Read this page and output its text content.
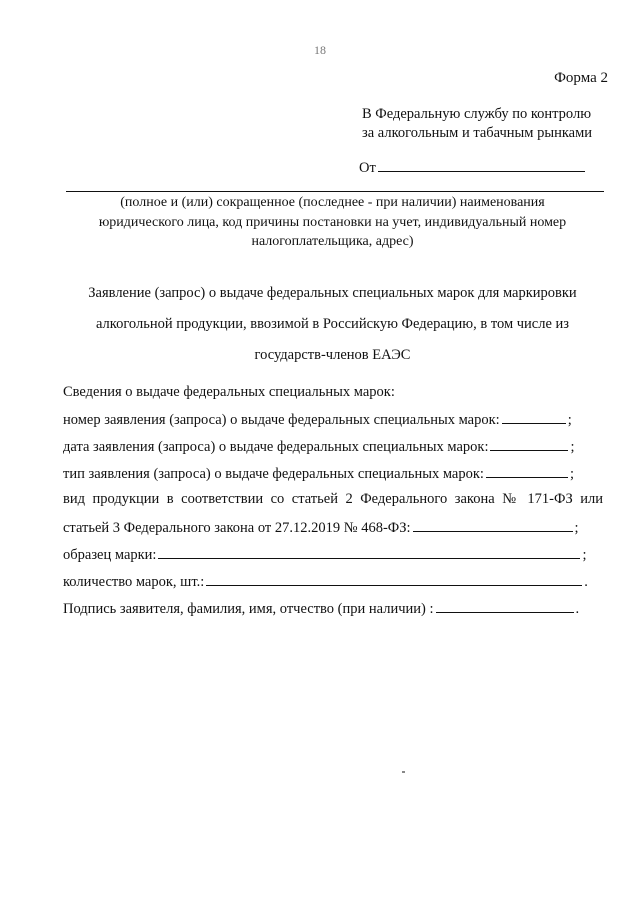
18
Форма 2
В Федеральную службу по контролю
за алкогольным и табачным рынками
От
(полное и (или) сокращенное (последнее - при наличии) наименования
юридического лица, код причины постановки на учет, индивидуальный номер
налогоплательщика, адрес)
Заявление (запрос) о выдаче федеральных специальных марок для маркировки
алкогольной продукции, ввозимой в Российскую Федерацию, в том числе из
государств-членов ЕАЭС
Сведения о выдаче федеральных специальных марок:
номер заявления (запроса) о выдаче федеральных специальных марок:	;
дата заявления (запроса) о выдаче федеральных специальных марок:	;
тип заявления (запроса) о выдаче федеральных специальных марок:	;
вид продукции в соответствии со статьей 2 Федерального закона № 171-ФЗ или
статьей 3 Федерального закона от 27.12.2019 № 468-ФЗ:	;
образец марки:	;
количество марок, шт.:	.
Подпись заявителя, фамилия, имя, отчество (при наличии) :	.
